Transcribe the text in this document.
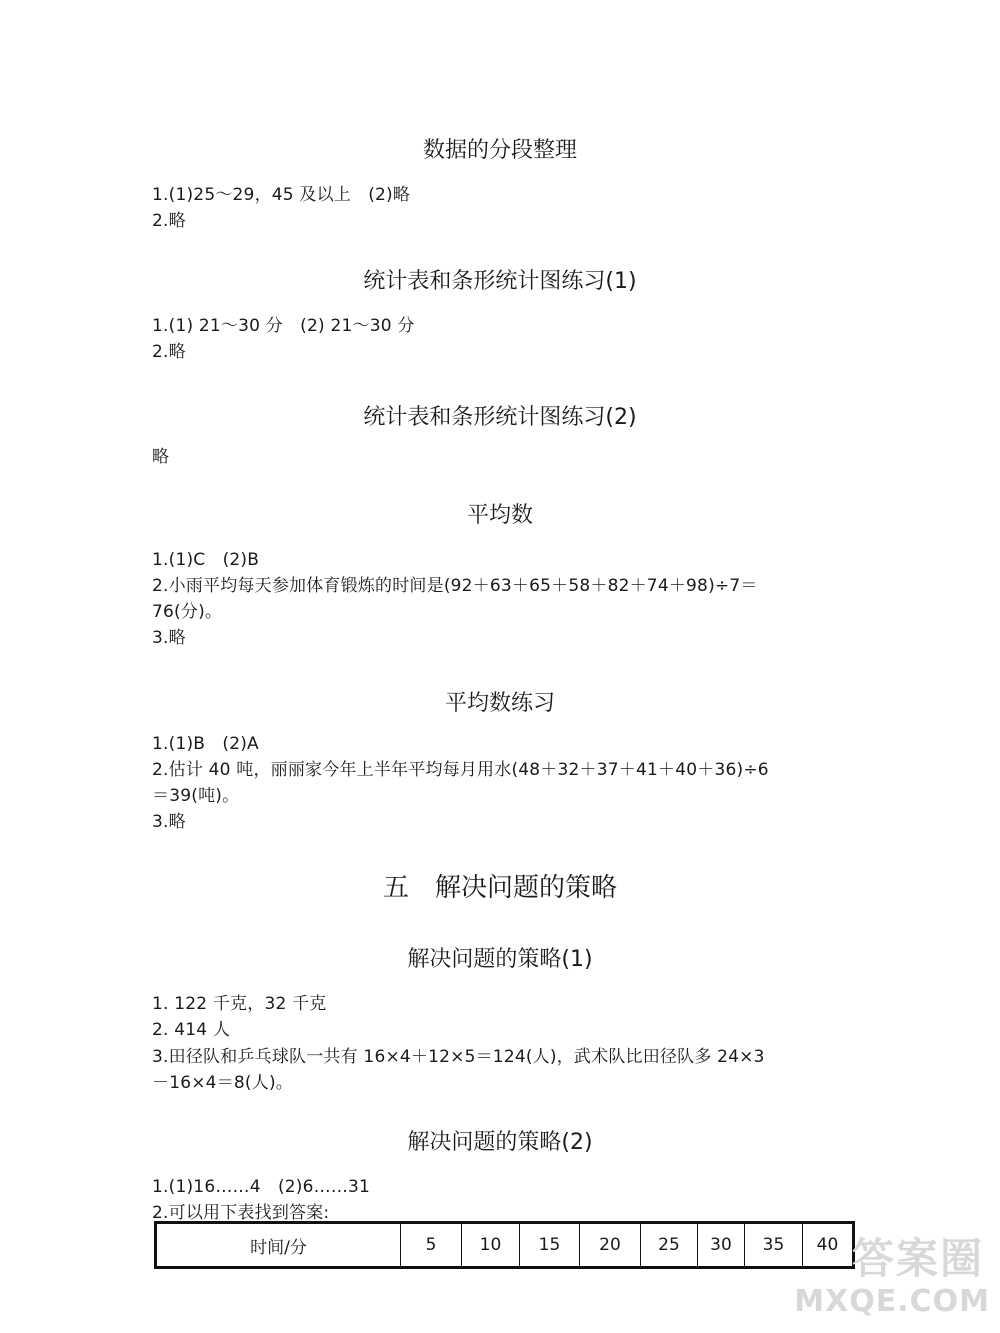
数据的分段整理
1.(1)25～29，45 及以上　(2)略
2.略
统计表和条形统计图练习(1)
1.(1) 21～30 分　(2) 21～30 分
2.略
统计表和条形统计图练习(2)
略
平均数
1.(1)C　(2)B
2.小雨平均每天参加体育锻炼的时间是(92＋63＋65＋58＋82＋74＋98)÷7＝
76(分)。
3.略
平均数练习
1.(1)B　(2)A
2.估计 40 吨，丽丽家今年上半年平均每月用水(48＋32＋37＋41＋40＋36)÷6
＝39(吨)。
3.略
五　解决问题的策略
解决问题的策略(1)
1. 122 千克，32 千克
2. 414 人
3.田径队和乒乓球队一共有 16×4＋12×5＝124(人)，武术队比田径队多 24×3
－16×4＝8(人)。
解决问题的策略(2)
1.(1)16……4　(2)6……31
2.可以用下表找到答案:
时间/分	5	10	15	20	25	30	35	40 答案圈
MXQE.COM
